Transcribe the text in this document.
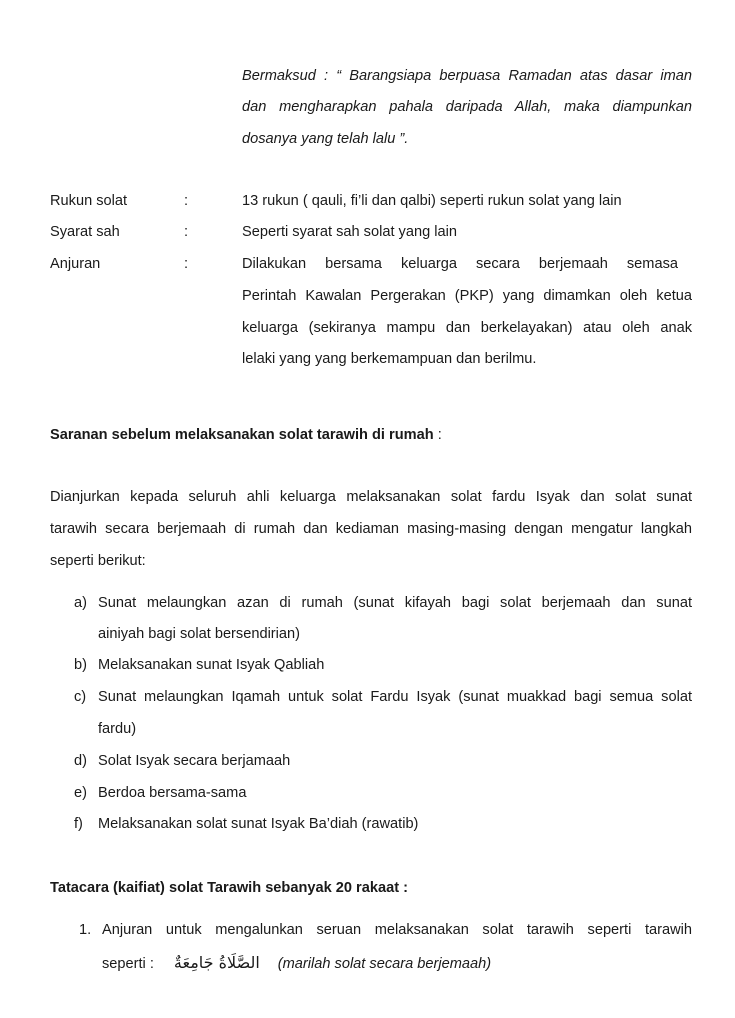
Bermaksud : “ Barangsiapa berpuasa Ramadan atas dasar iman
dan mengharapkan pahala daripada Allah, maka diampunkan
dosanya yang telah lalu ”.
Rukun solat	:	13 rukun ( qauli, fi’li dan qalbi) seperti rukun solat yang lain
Syarat sah	:	Seperti syarat sah solat yang lain
Anjuran	:	Dilakukan bersama keluarga secara berjemaah semasa
Perintah Kawalan Pergerakan (PKP) yang dimamkan oleh ketua
keluarga (sekiranya mampu dan berkelayakan) atau oleh anak
lelaki yang yang berkemampuan dan berilmu.
Saranan sebelum melaksanakan solat tarawih di rumah :
Dianjurkan kepada seluruh ahli keluarga melaksanakan solat fardu Isyak dan solat sunat
tarawih secara berjemaah di rumah dan kediaman masing-masing dengan mengatur langkah
seperti berikut:
a) Sunat melaungkan azan di rumah (sunat kifayah bagi solat berjemaah dan sunat
ainiyah bagi solat bersendirian)
b) Melaksanakan sunat Isyak Qabliah
c) Sunat melaungkan Iqamah untuk solat Fardu Isyak (sunat muakkad bagi semua solat
fardu)
d) Solat Isyak secara berjamaah
e) Berdoa bersama-sama
f) Melaksanakan solat sunat Isyak Ba’diah (rawatib)
Tatacara (kaifiat) solat Tarawih sebanyak 20 rakaat :
1. Anjuran untuk mengalunkan seruan melaksanakan solat tarawih seperti tarawih
seperti : الصَّلَاةُ جَامِعَةٌ (marilah solat secara berjemaah)
